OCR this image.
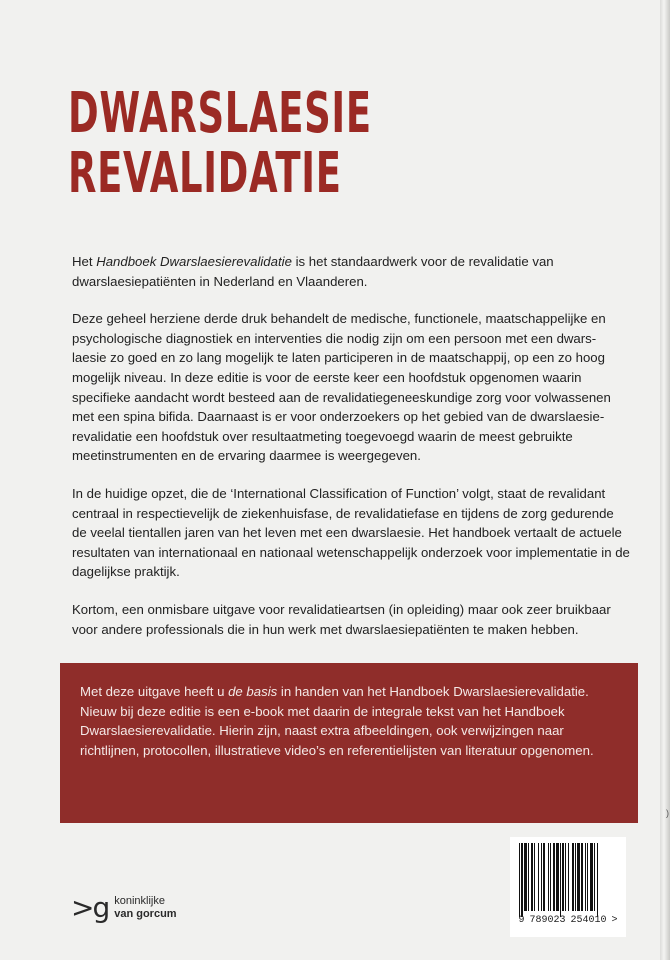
DWARSLAESIE
REVALIDATIE

Het Handboek Dwarslaesierevalidatie is het standaardwerk voor de revalidatie van dwarslaesiepatiënten in Nederland en Vlaanderen.

Deze geheel herziene derde druk behandelt de medische, functionele, maatschappelijke en psychologische diagnostiek en interventies die nodig zijn om een persoon met een dwars-laesie zo goed en zo lang mogelijk te laten participeren in de maatschappij, op een zo hoog mogelijk niveau. In deze editie is voor de eerste keer een hoofdstuk opgenomen waarin specifieke aandacht wordt besteed aan de revalidatiegeneeskundige zorg voor volwassenen met een spina bifida. Daarnaast is er voor onderzoekers op het gebied van de dwarslaesie-revalidatie een hoofdstuk over resultaatmeting toegevoegd waarin de meest gebruikte meetinstrumenten en de ervaring daarmee is weergegeven.

In de huidige opzet, die de ‘International Classification of Function’ volgt, staat de revalidant centraal in respectievelijk de ziekenhuisfase, de revalidatiefase en tijdens de zorg gedurende de veelal tientallen jaren van het leven met een dwarslaesie. Het handboek vertaalt de actuele resultaten van internationaal en nationaal wetenschappelijk onderzoek voor implementatie in de dagelijkse praktijk.

Kortom, een onmisbare uitgave voor revalidatieartsen (in opleiding) maar ook zeer bruikbaar voor andere professionals die in hun werk met dwarslaesiepatiënten te maken hebben.

Met deze uitgave heeft u de basis in handen van het Handboek Dwarslaesierevalidatie. Nieuw bij deze editie is een e-book met daarin de integrale tekst van het Handboek Dwarslaesierevalidatie. Hierin zijn, naast extra afbeeldingen, ook verwijzingen naar richtlijnen, protocollen, illustratieve video’s en referentielijsten van literatuur opgenomen.
>g koninklijke
van gorcum
9 789023 254010 >
)
